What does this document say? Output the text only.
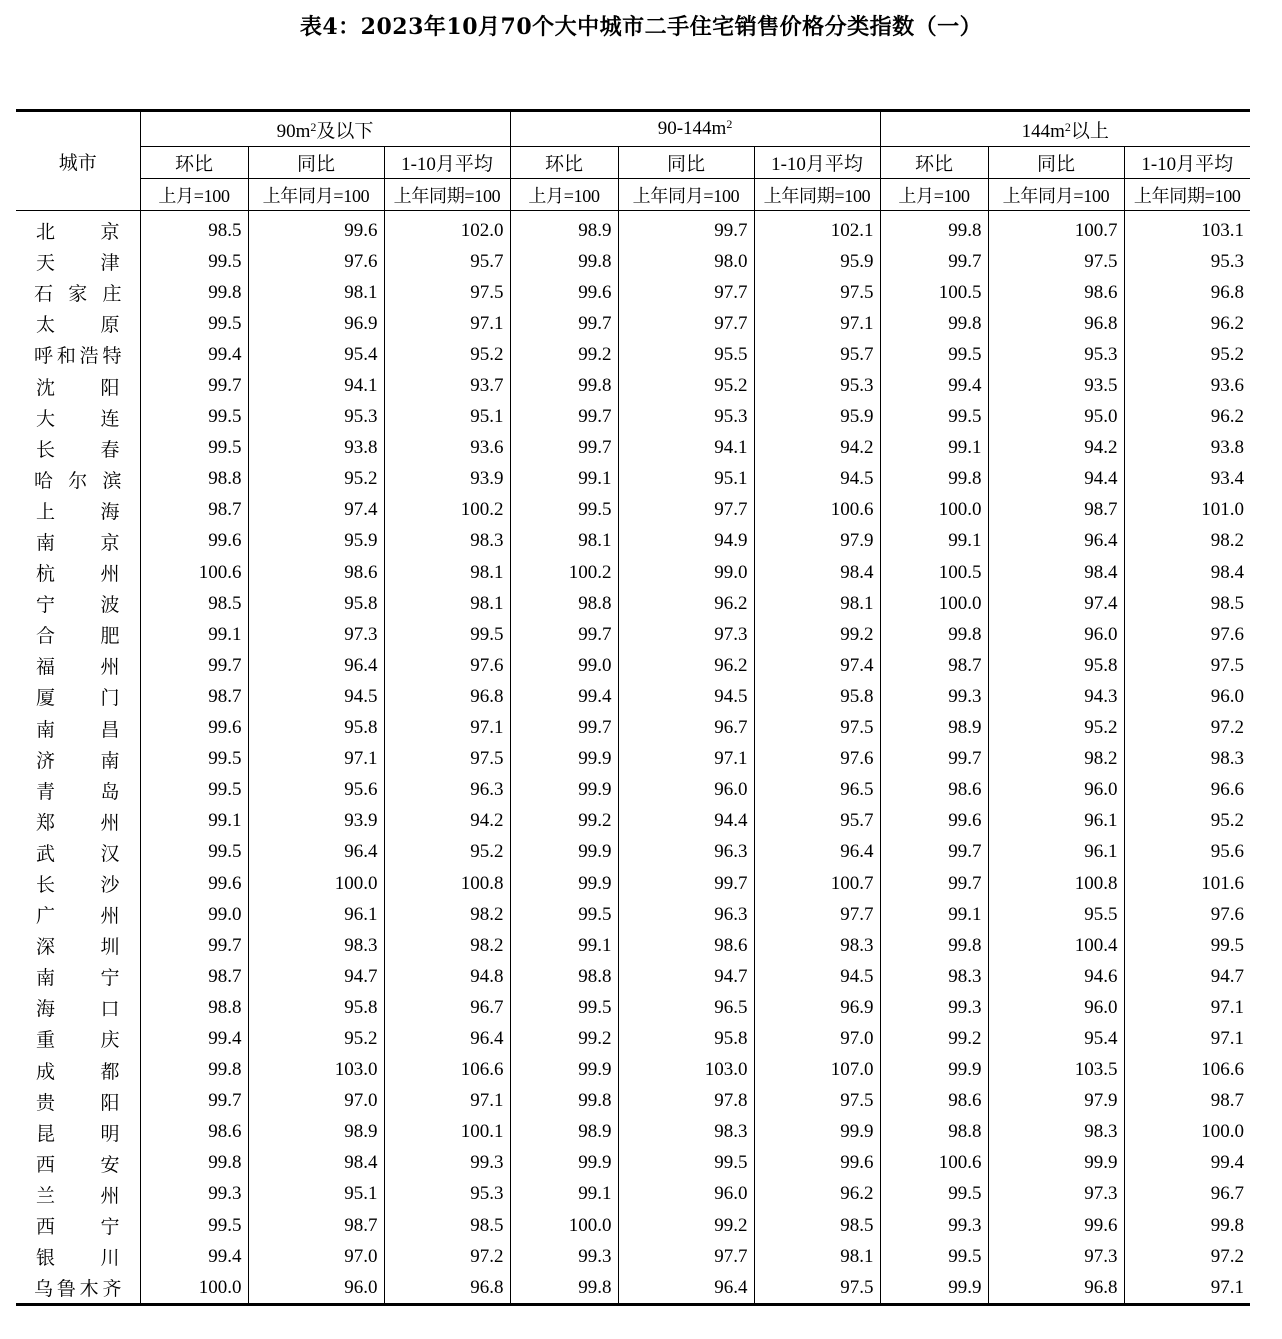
表4：2023年10月70个大中城市二手住宅销售价格分类指数（一）
城市	$90m^2$及以下			$90-144m^2$			$144m^2$以上		
	环比	同比	1-10月平均	环比	同比	1-10月平均	环比	同比	1-10月平均
	上月=100	上年同月=100	上年同期=100	上月=100	上年同月=100	上年同期=100	上月=100	上年同月=100	上年同期=100
北　京	98.5	99.6	102.0	98.9	99.7	102.1	99.8	100.7	103.1
天　津	99.5	97.6	95.7	99.8	98.0	95.9	99.7	97.5	95.3
石家庄	99.8	98.1	97.5	99.6	97.7	97.5	100.5	98.6	96.8
太　原	99.5	96.9	97.1	99.7	97.7	97.1	99.8	96.8	96.2
呼和浩特	99.4	95.4	95.2	99.2	95.5	95.7	99.5	95.3	95.2
沈　阳	99.7	94.1	93.7	99.8	95.2	95.3	99.4	93.5	93.6
大　连	99.5	95.3	95.1	99.7	95.3	95.9	99.5	95.0	96.2
长　春	99.5	93.8	93.6	99.7	94.1	94.2	99.1	94.2	93.8
哈尔滨	98.8	95.2	93.9	99.1	95.1	94.5	99.8	94.4	93.4
上　海	98.7	97.4	100.2	99.5	97.7	100.6	100.0	98.7	101.0
南　京	99.6	95.9	98.3	98.1	94.9	97.9	99.1	96.4	98.2
杭　州	100.6	98.6	98.1	100.2	99.0	98.4	100.5	98.4	98.4
宁　波	98.5	95.8	98.1	98.8	96.2	98.1	100.0	97.4	98.5
合　肥	99.1	97.3	99.5	99.7	97.3	99.2	99.8	96.0	97.6
福　州	99.7	96.4	97.6	99.0	96.2	97.4	98.7	95.8	97.5
厦　门	98.7	94.5	96.8	99.4	94.5	95.8	99.3	94.3	96.0
南　昌	99.6	95.8	97.1	99.7	96.7	97.5	98.9	95.2	97.2
济　南	99.5	97.1	97.5	99.9	97.1	97.6	99.7	98.2	98.3
青　岛	99.5	95.6	96.3	99.9	96.0	96.5	98.6	96.0	96.6
郑　州	99.1	93.9	94.2	99.2	94.4	95.7	99.6	96.1	95.2
武　汉	99.5	96.4	95.2	99.9	96.3	96.4	99.7	96.1	95.6
长　沙	99.6	100.0	100.8	99.9	99.7	100.7	99.7	100.8	101.6
广　州	99.0	96.1	98.2	99.5	96.3	97.7	99.1	95.5	97.6
深　圳	99.7	98.3	98.2	99.1	98.6	98.3	99.8	100.4	99.5
南　宁	98.7	94.7	94.8	98.8	94.7	94.5	98.3	94.6	94.7
海　口	98.8	95.8	96.7	99.5	96.5	96.9	99.3	96.0	97.1
重　庆	99.4	95.2	96.4	99.2	95.8	97.0	99.2	95.4	97.1
成　都	99.8	103.0	106.6	99.9	103.0	107.0	99.9	103.5	106.6
贵　阳	99.7	97.0	97.1	99.8	97.8	97.5	98.6	97.9	98.7
昆　明	98.6	98.9	100.1	98.9	98.3	99.9	98.8	98.3	100.0
西　安	99.8	98.4	99.3	99.9	99.5	99.6	100.6	99.9	99.4
兰　州	99.3	95.1	95.3	99.1	96.0	96.2	99.5	97.3	96.7
西　宁	99.5	98.7	98.5	100.0	99.2	98.5	99.3	99.6	99.8
银　川	99.4	97.0	97.2	99.3	97.7	98.1	99.5	97.3	97.2
乌鲁木齐	100.0	96.0	96.8	99.8	96.4	97.5	99.9	96.8	97.1
